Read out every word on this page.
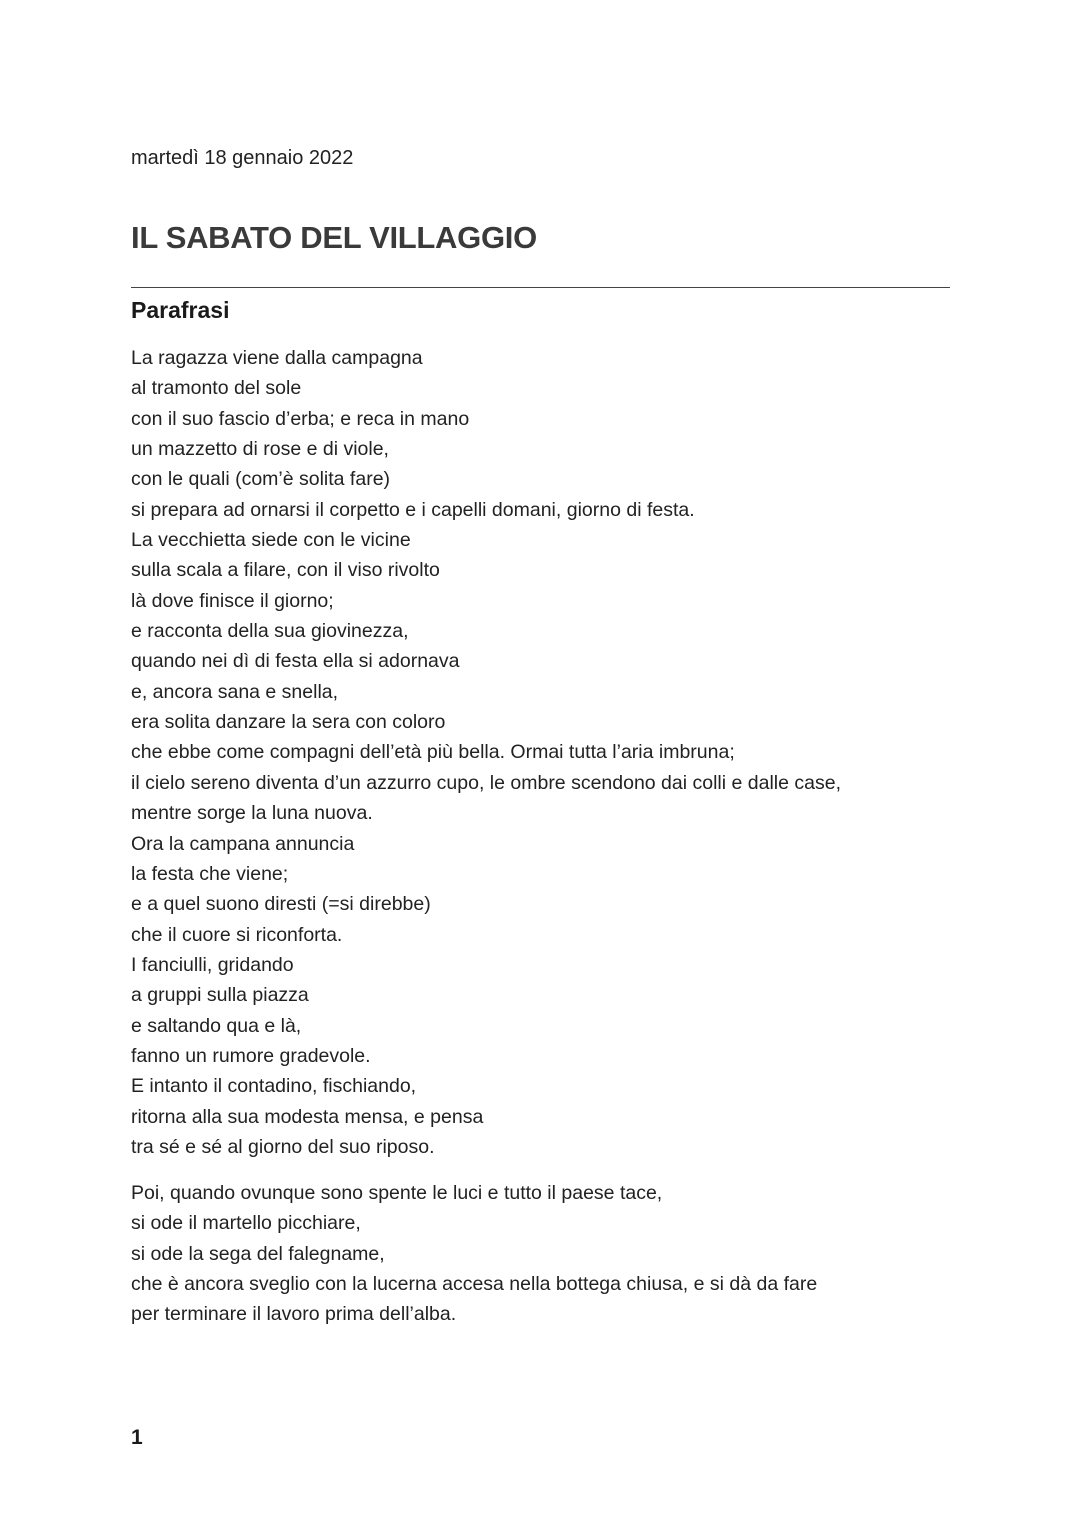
martedì 18 gennaio 2022
IL SABATO DEL VILLAGGIO
Parafrasi
La ragazza viene dalla campagna
al tramonto del sole
con il suo fascio d’erba; e reca in mano
un mazzetto di rose e di viole,
con le quali (com’è solita fare)
si prepara ad ornarsi il corpetto e i capelli domani, giorno di festa.
La vecchietta siede con le vicine
sulla scala a filare, con il viso rivolto
là dove finisce il giorno;
e racconta della sua giovinezza,
quando nei dì di festa ella si adornava
e, ancora sana e snella,
era solita danzare la sera con coloro
che ebbe come compagni dell’età più bella. Ormai tutta l’aria imbruna;
il cielo sereno diventa d’un azzurro cupo, le ombre scendono dai colli e dalle case,
mentre sorge la luna nuova.
Ora la campana annuncia
la festa che viene;
e a quel suono diresti (=si direbbe)
che il cuore si riconforta.
I fanciulli, gridando
a gruppi sulla piazza
e saltando qua e là,
fanno un rumore gradevole.
E intanto il contadino, fischiando,
ritorna alla sua modesta mensa, e pensa
tra sé e sé al giorno del suo riposo.
Poi, quando ovunque sono spente le luci e tutto il paese tace,
si ode il martello picchiare,
si ode la sega del falegname,
che è ancora sveglio con la lucerna accesa nella bottega chiusa, e si dà da fare
per terminare il lavoro prima dell’alba.
1
